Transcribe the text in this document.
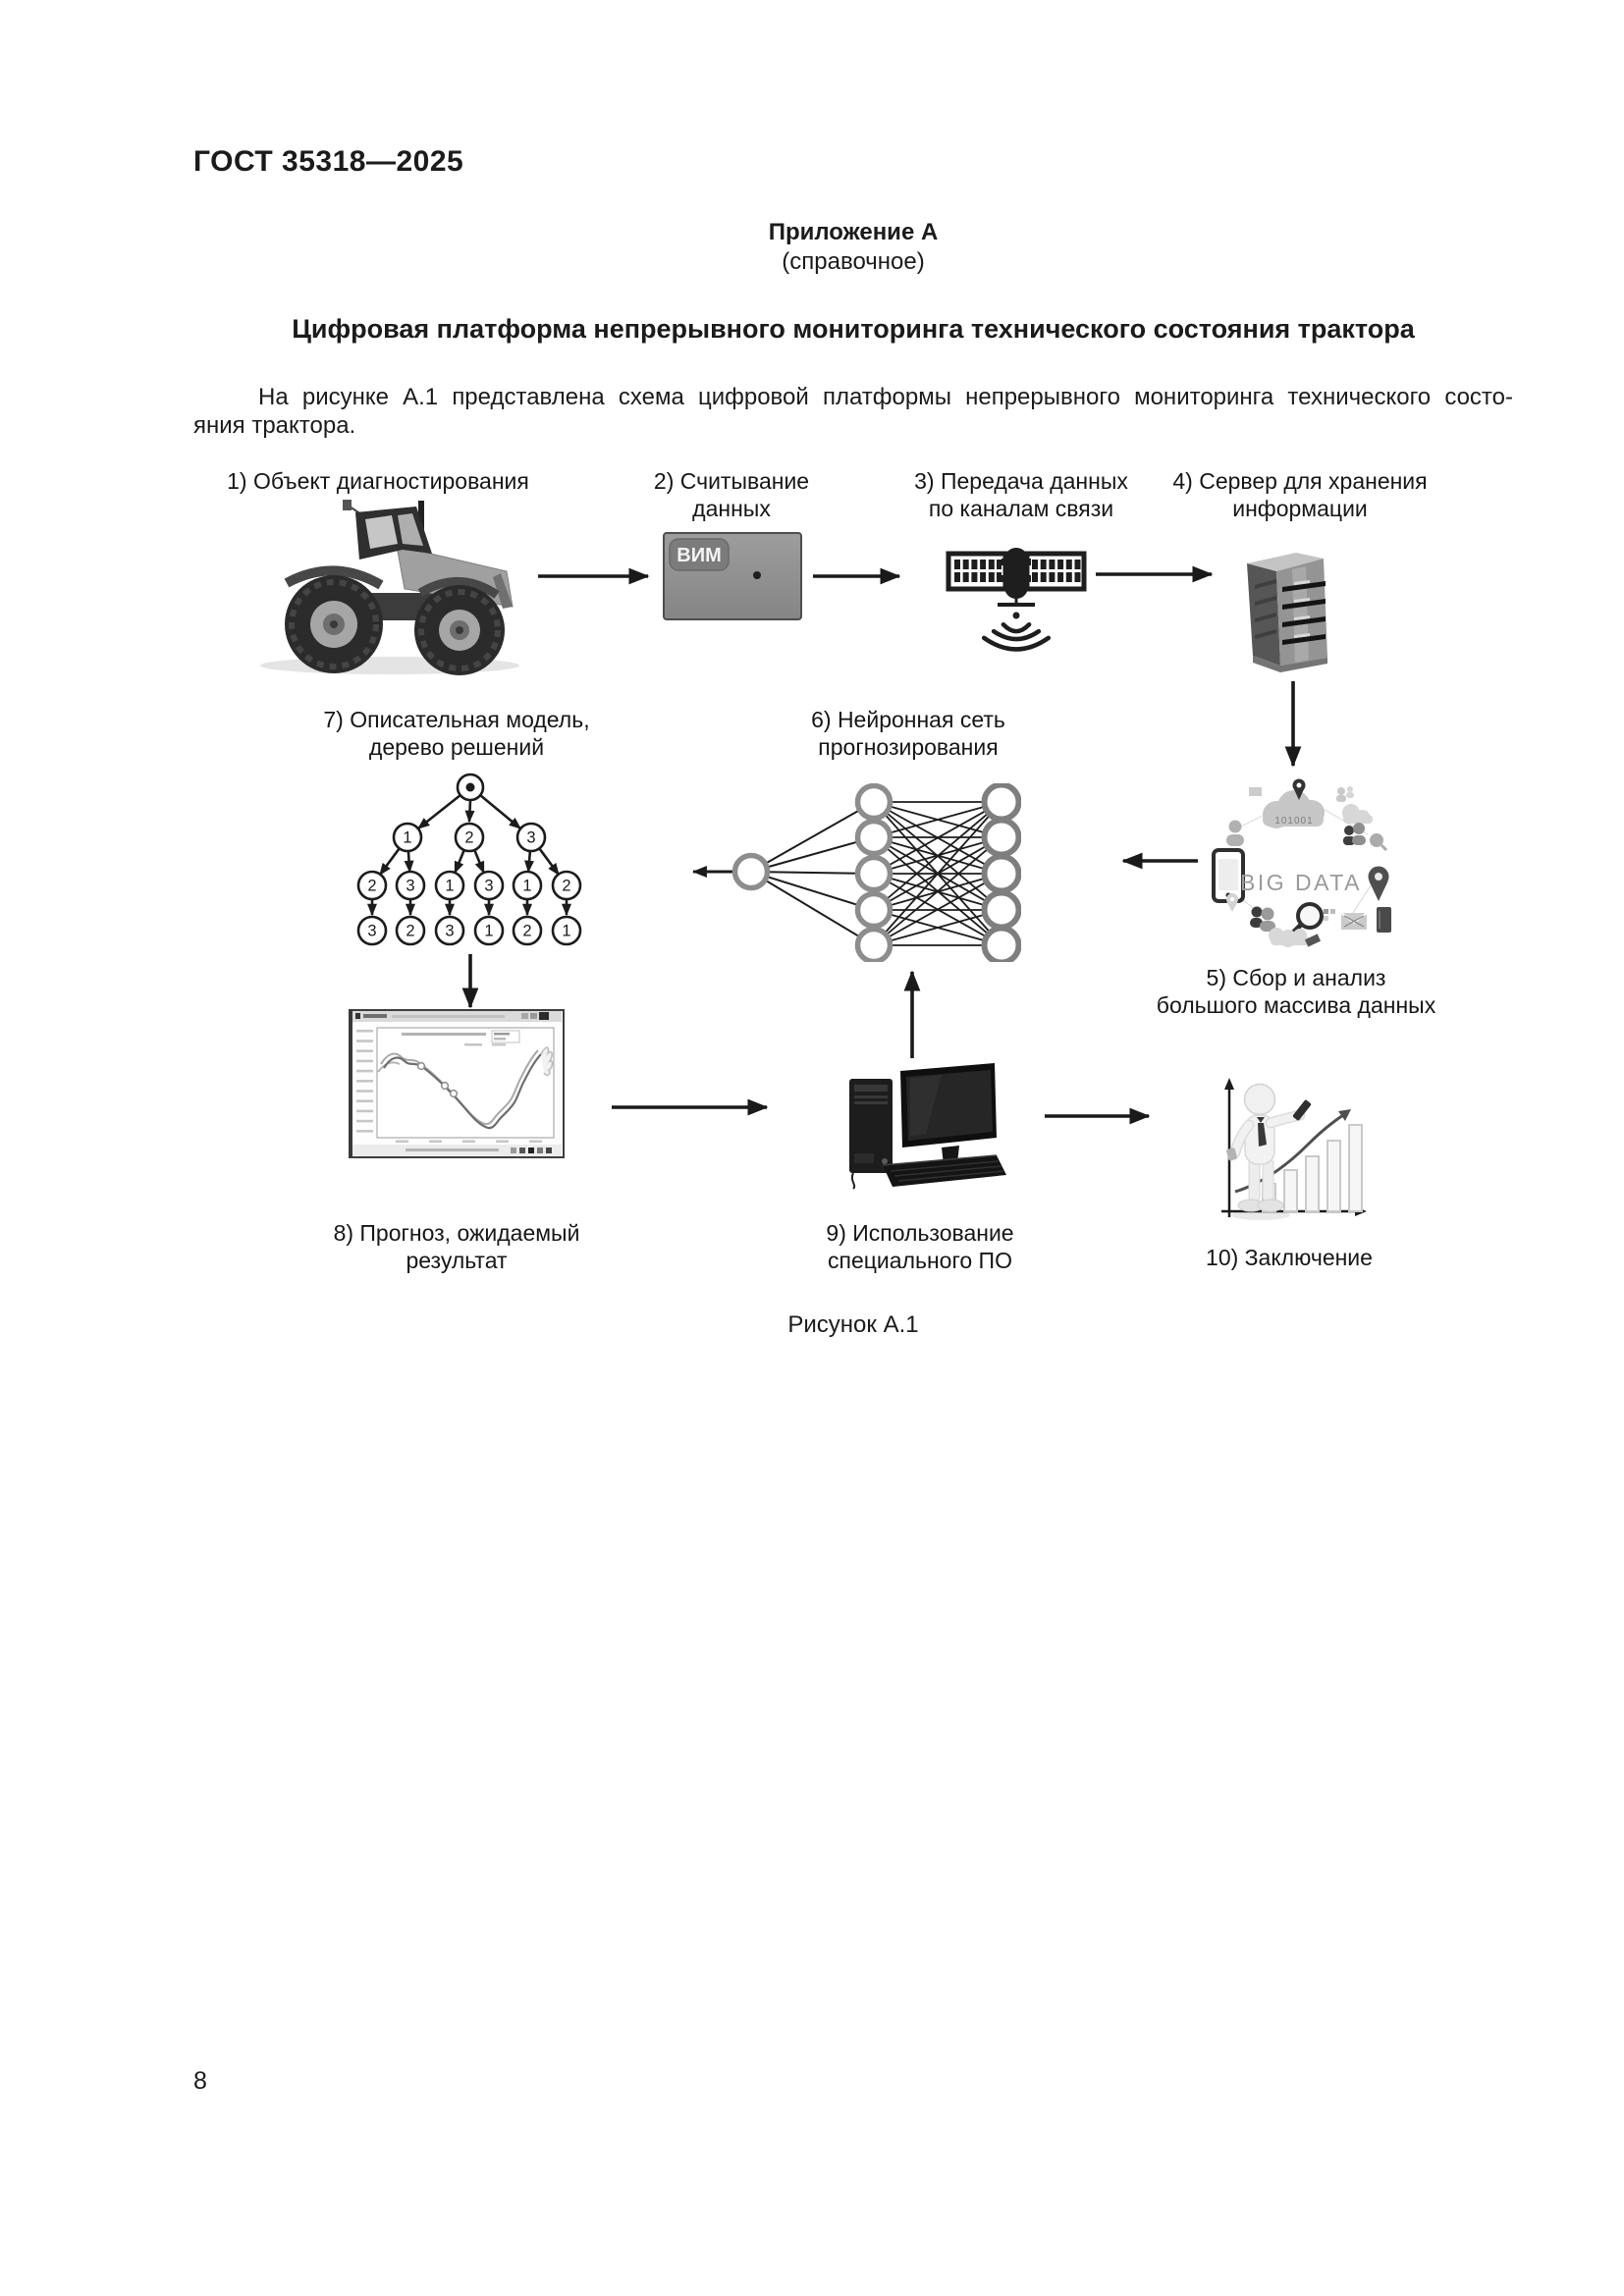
ГОСТ 35318—2025
Приложение А
(справочное)
Цифровая платформа непрерывного мониторинга технического состояния трактора
На рисунке А.1 представлена схема цифровой платформы непрерывного мониторинга технического состо-
яния трактора.
1) Объект диагностирования	2) Считывание
данных
3) Передача данных
по каналам связи
4) Сервер для хранения
информации
7) Описательная модель,
дерево решений
6) Нейронная сеть
прогнозирования
5) Сбор и анализ
большого массива данных
8) Прогноз, ожидаемый
результат
9) Использование
специального ПО	10) Заключение
ВИМ
1	2	3
2 3 1 3 1 2
3 2 3 1 2 1
101001
BIG DATA
Рисунок А.1
8
